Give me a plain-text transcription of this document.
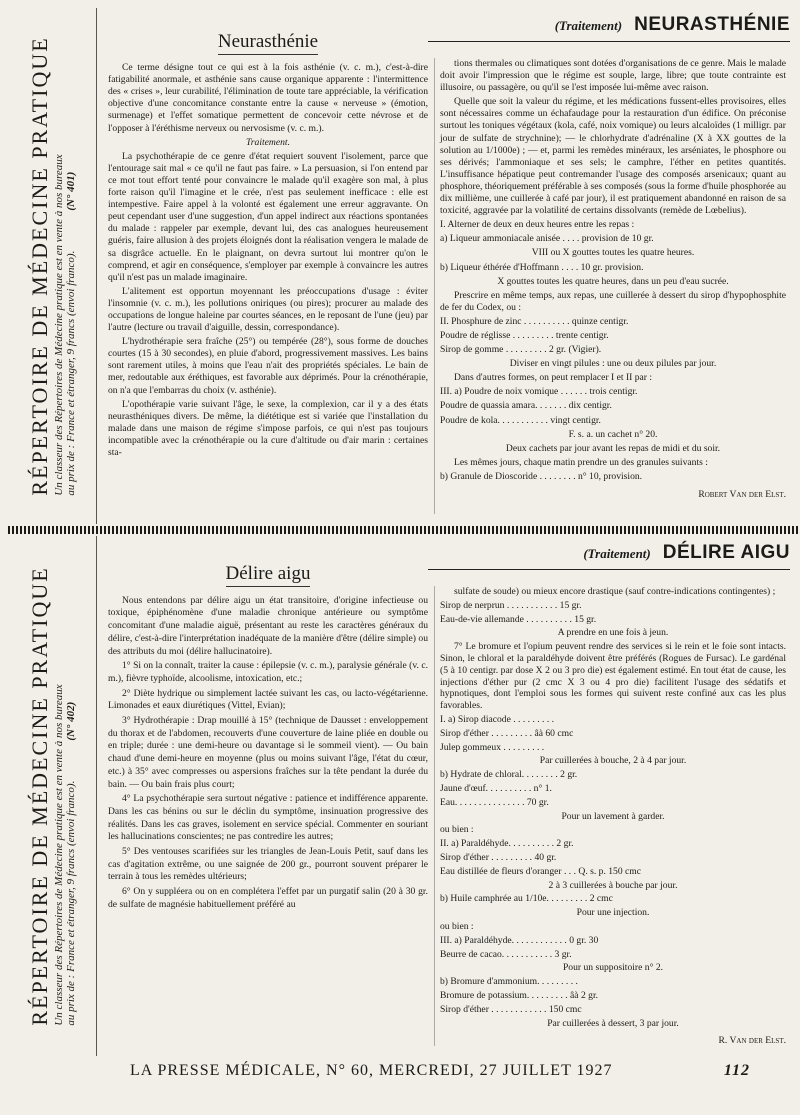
RÉPERTOIRE DE MÉDECINE PRATIQUE Un classeur des Répertoires de Médecine pratique est en vente à nos bureaux au prix de : France et étranger, 9 francs (envoi franco).(N° 401)
(Traitement) NEURASTHÉNIE
Neurasthénie

Ce terme désigne tout ce qui est à la fois asthénie (v. c. m.), c'est-à-dire fatigabilité anormale, et asthénie sans cause organique apparente : l'intermittence des « crises », leur curabilité, l'élimination de toute tare appréciable, la vérification objective d'une concomitance constante entre la cause « nerveuse » (émotion, surmenage) et l'effet somatique permettent de concevoir cette névrose et de l'opposer à l'éréthisme nerveux ou nervosisme (v. c. m.).

Traitement.

La psychothérapie de ce genre d'état requiert souvent l'isolement, parce que l'entourage sait mal « ce qu'il ne faut pas faire. » La persuasion, si l'on entend par ce mot tout effort tenté pour convaincre le malade qu'il exagère son mal, à plus forte raison qu'il l'imagine et le crée, n'est pas seulement inefficace : elle est intempestive. Faire appel à la volonté est également une erreur aggravante. On peut cependant user d'une suggestion, d'un appel indirect aux réactions spontanées du malade : rappeler par exemple, devant lui, des cas analogues heureusement guéris, faire allusion à des projets éloignés dont la réalisation vengera le malade de sa disgrâce actuelle. En le plaignant, on devra surtout lui montrer qu'on le comprend, et agir en conséquence, s'employer par exemple à convaincre les autres qu'il n'est pas un malade imaginaire.

L'alitement est opportun moyennant les préoccupations d'usage : éviter l'insomnie (v. c. m.), les pollutions oniriques (ou pires); procurer au malade des occupations de longue haleine par courtes séances, en le reposant de l'une (jeu) par l'autre (lecture ou travail d'aiguille, dessin, correspondance).

L'hydrothérapie sera fraîche (25°) ou tempérée (28°), sous forme de douches courtes (15 à 30 secondes), en pluie d'abord, progressivement massives. Les bains sont rarement utiles, à moins que l'eau n'ait des propriétés spéciales. Le bain de mer, redoutable aux éréthiques, est favorable aux déprimés. Pour la crénothérapie, on n'a que l'embarras du choix (v. asthénie).

L'opothérapie varie suivant l'âge, le sexe, la complexion, car il y a des états neurasthéniques divers. De même, la diététique est si variée que l'installation du malade dans une maison de régime s'impose parfois, ce qui n'est pas toujours incompatible avec la crénothérapie ou la cure d'altitude ou d'air marin : certaines sta-

tions thermales ou climatiques sont dotées d'organisations de ce genre. Mais le malade doit avoir l'impression que le régime est souple, large, libre; que toute contrainte est illusoire, ou passagère, ou qu'il se l'est imposée lui-même avec raison.

Quelle que soit la valeur du régime, et les médications fussent-elles provisoires, elles sont nécessaires comme un échafaudage pour la restauration d'un édifice. On préconise surtout les toniques végétaux (kola, café, noix vomique) ou leurs alcaloïdes (1 milligr. par jour de sulfate de strychnine); — le chlorhydrate d'adrénaline (X à XX gouttes de la solution au 1/1000e) ; — et, parmi les remèdes minéraux, les arséniates, le phosphore ou ses dérivés; l'ammoniaque et ses sels; le camphre, l'éther en petites quantités. L'insuffisance hépatique peut contremander l'usage des composés arsenicaux; quant au phosphore, théoriquement préférable à ses composés (sous la forme d'huile phosphorée au dix millième, une cuillerée à café par jour), il est pratiquement abandonné en raison de sa toxicité, aggravée par la volatilité de certains dissolvants (remède de Lœbelius).

I. Alterner de deux en deux heures entre les repas :

a) Liqueur ammoniacale anisée . . . . provision de 10 gr.

VIII ou X gouttes toutes les quatre heures.

b) Liqueur éthérée d'Hoffmann . . . . 10 gr. provision.

X gouttes toutes les quatre heures, dans un peu d'eau sucrée.

Prescrire en même temps, aux repas, une cuillerée à dessert du sirop d'hypophosphite de fer du Codex, ou :

II. Phosphure de zinc . . . . . . . . . . quinze centigr.

Poudre de réglisse . . . . . . . . . trente centigr.

Sirop de gomme . . . . . . . . . 2 gr. (Vigier).

Diviser en vingt pilules : une ou deux pilules par jour.

Dans d'autres formes, on peut remplacer I et II par :

III. a) Poudre de noix vomique . . . . . . trois centigr.

Poudre de quassia amara. . . . . . . dix centigr.

Poudre de kola. . . . . . . . . . . vingt centigr.

F. s. a. un cachet n° 20.

Deux cachets par jour avant les repas de midi et du soir.

Les mêmes jours, chaque matin prendre un des granules suivants :

b) Granule de Dioscoride . . . . . . . . n° 10, provision.

Robert Van der Elst.

RÉPERTOIRE DE MÉDECINE PRATIQUE Un classeur des Répertoires de Médecine pratique est en vente à nos bureaux au prix de : France et étranger, 9 francs (envoi franco).(N° 402)
(Traitement) DÉLIRE AIGU
Délire aigu

Nous entendons par délire aigu un état transitoire, d'origine infectieuse ou toxique, épiphénomène d'une maladie chronique antérieure ou symptôme concomitant d'une maladie aiguë, présentant au reste les caractères généraux du délire, c'est-à-dire l'interprétation inadéquate de la manière d'être (délire simple) ou des attributs du moi (délire hallucinatoire).

1° Si on la connaît, traiter la cause : épilepsie (v. c. m.), paralysie générale (v. c. m.), fièvre typhoïde, alcoolisme, intoxication, etc.;

2° Diète hydrique ou simplement lactée suivant les cas, ou lacto-végétarienne. Limonades et eaux diurétiques (Vittel, Evian);

3° Hydrothérapie : Drap mouillé à 15° (technique de Dausset : enveloppement du thorax et de l'abdomen, recouverts d'une couverture de laine pliée en double ou en triple; durée : une demi-heure ou davantage si le sommeil vient). — Ou bain chaud d'une demi-heure en moyenne (plus ou moins suivant l'âge, l'état du cœur, etc.) à 35° avec compresses ou aspersions fraîches sur la tête pendant la durée du bain. — Ou bain frais plus court;

4° La psychothérapie sera surtout négative : patience et indifférence apparente. Dans les cas bénins ou sur le déclin du symptôme, insinuation progressive des réalités. Dans les cas graves, isolement en service spécial. Commenter en souriant les hallucinations conscientes; ne pas contredire les autres;

5° Des ventouses scarifiées sur les triangles de Jean-Louis Petit, sauf dans les cas d'agitation extrême, ou une saignée de 200 gr., pourront souvent préparer le terrain à tous les remèdes ultérieurs;

6° On y suppléera ou on en complétera l'effet par un purgatif salin (20 à 30 gr. de sulfate de magnésie habituellement préféré au

sulfate de soude) ou mieux encore drastique (sauf contre-indications contingentes) ;

Sirop de nerprun . . . . . . . . . . . 15 gr.

Eau-de-vie allemande . . . . . . . . . . 15 gr.

A prendre en une fois à jeun.

7° Le bromure et l'opium peuvent rendre des services si le rein et le foie sont intacts. Sinon, le chloral et la paraldéhyde doivent être préférés (Rogues de Fursac). Le gardénal (5 à 10 centigr. par dose X 2 ou 3 pro die) est également estimé. En tout état de cause, les injections d'éther pur (2 cmc X 3 ou 4 pro die) facilitent l'usage des sédatifs et hypnotiques, dont l'emploi sous les formes qui suivent reste confiné aux cas les plus favorables.

I. a) Sirop diacode . . . . . . . . .

Sirop d'éther . . . . . . . . . âà 60 cmc

Julep gommeux . . . . . . . . .

Par cuillerées à bouche, 2 à 4 par jour.

b) Hydrate de chloral. . . . . . . . 2 gr.

Jaune d'œuf. . . . . . . . . . n° 1.

Eau. . . . . . . . . . . . . . . 70 gr.

Pour un lavement à garder.

ou bien :

II. a) Paraldéhyde. . . . . . . . . . 2 gr.

Sirop d'éther . . . . . . . . . 40 gr.

Eau distillée de fleurs d'oranger . . . Q. s. p. 150 cmc

2 à 3 cuillerées à bouche par jour.

b) Huile camphrée au 1/10e. . . . . . . . . 2 cmc

Pour une injection.

ou bien :

III. a) Paraldéhyde. . . . . . . . . . . . 0 gr. 30

Beurre de cacao. . . . . . . . . . . 3 gr.

Pour un suppositoire n° 2.

b) Bromure d'ammonium. . . . . . . . .

Bromure de potassium. . . . . . . . . âà 2 gr.

Sirop d'éther . . . . . . . . . . . . 150 cmc

Par cuillerées à dessert, 3 par jour.

R. Van der Elst.

LA PRESSE MÉDICALE, N° 60, MERCREDI, 27 JUILLET 1927	112
